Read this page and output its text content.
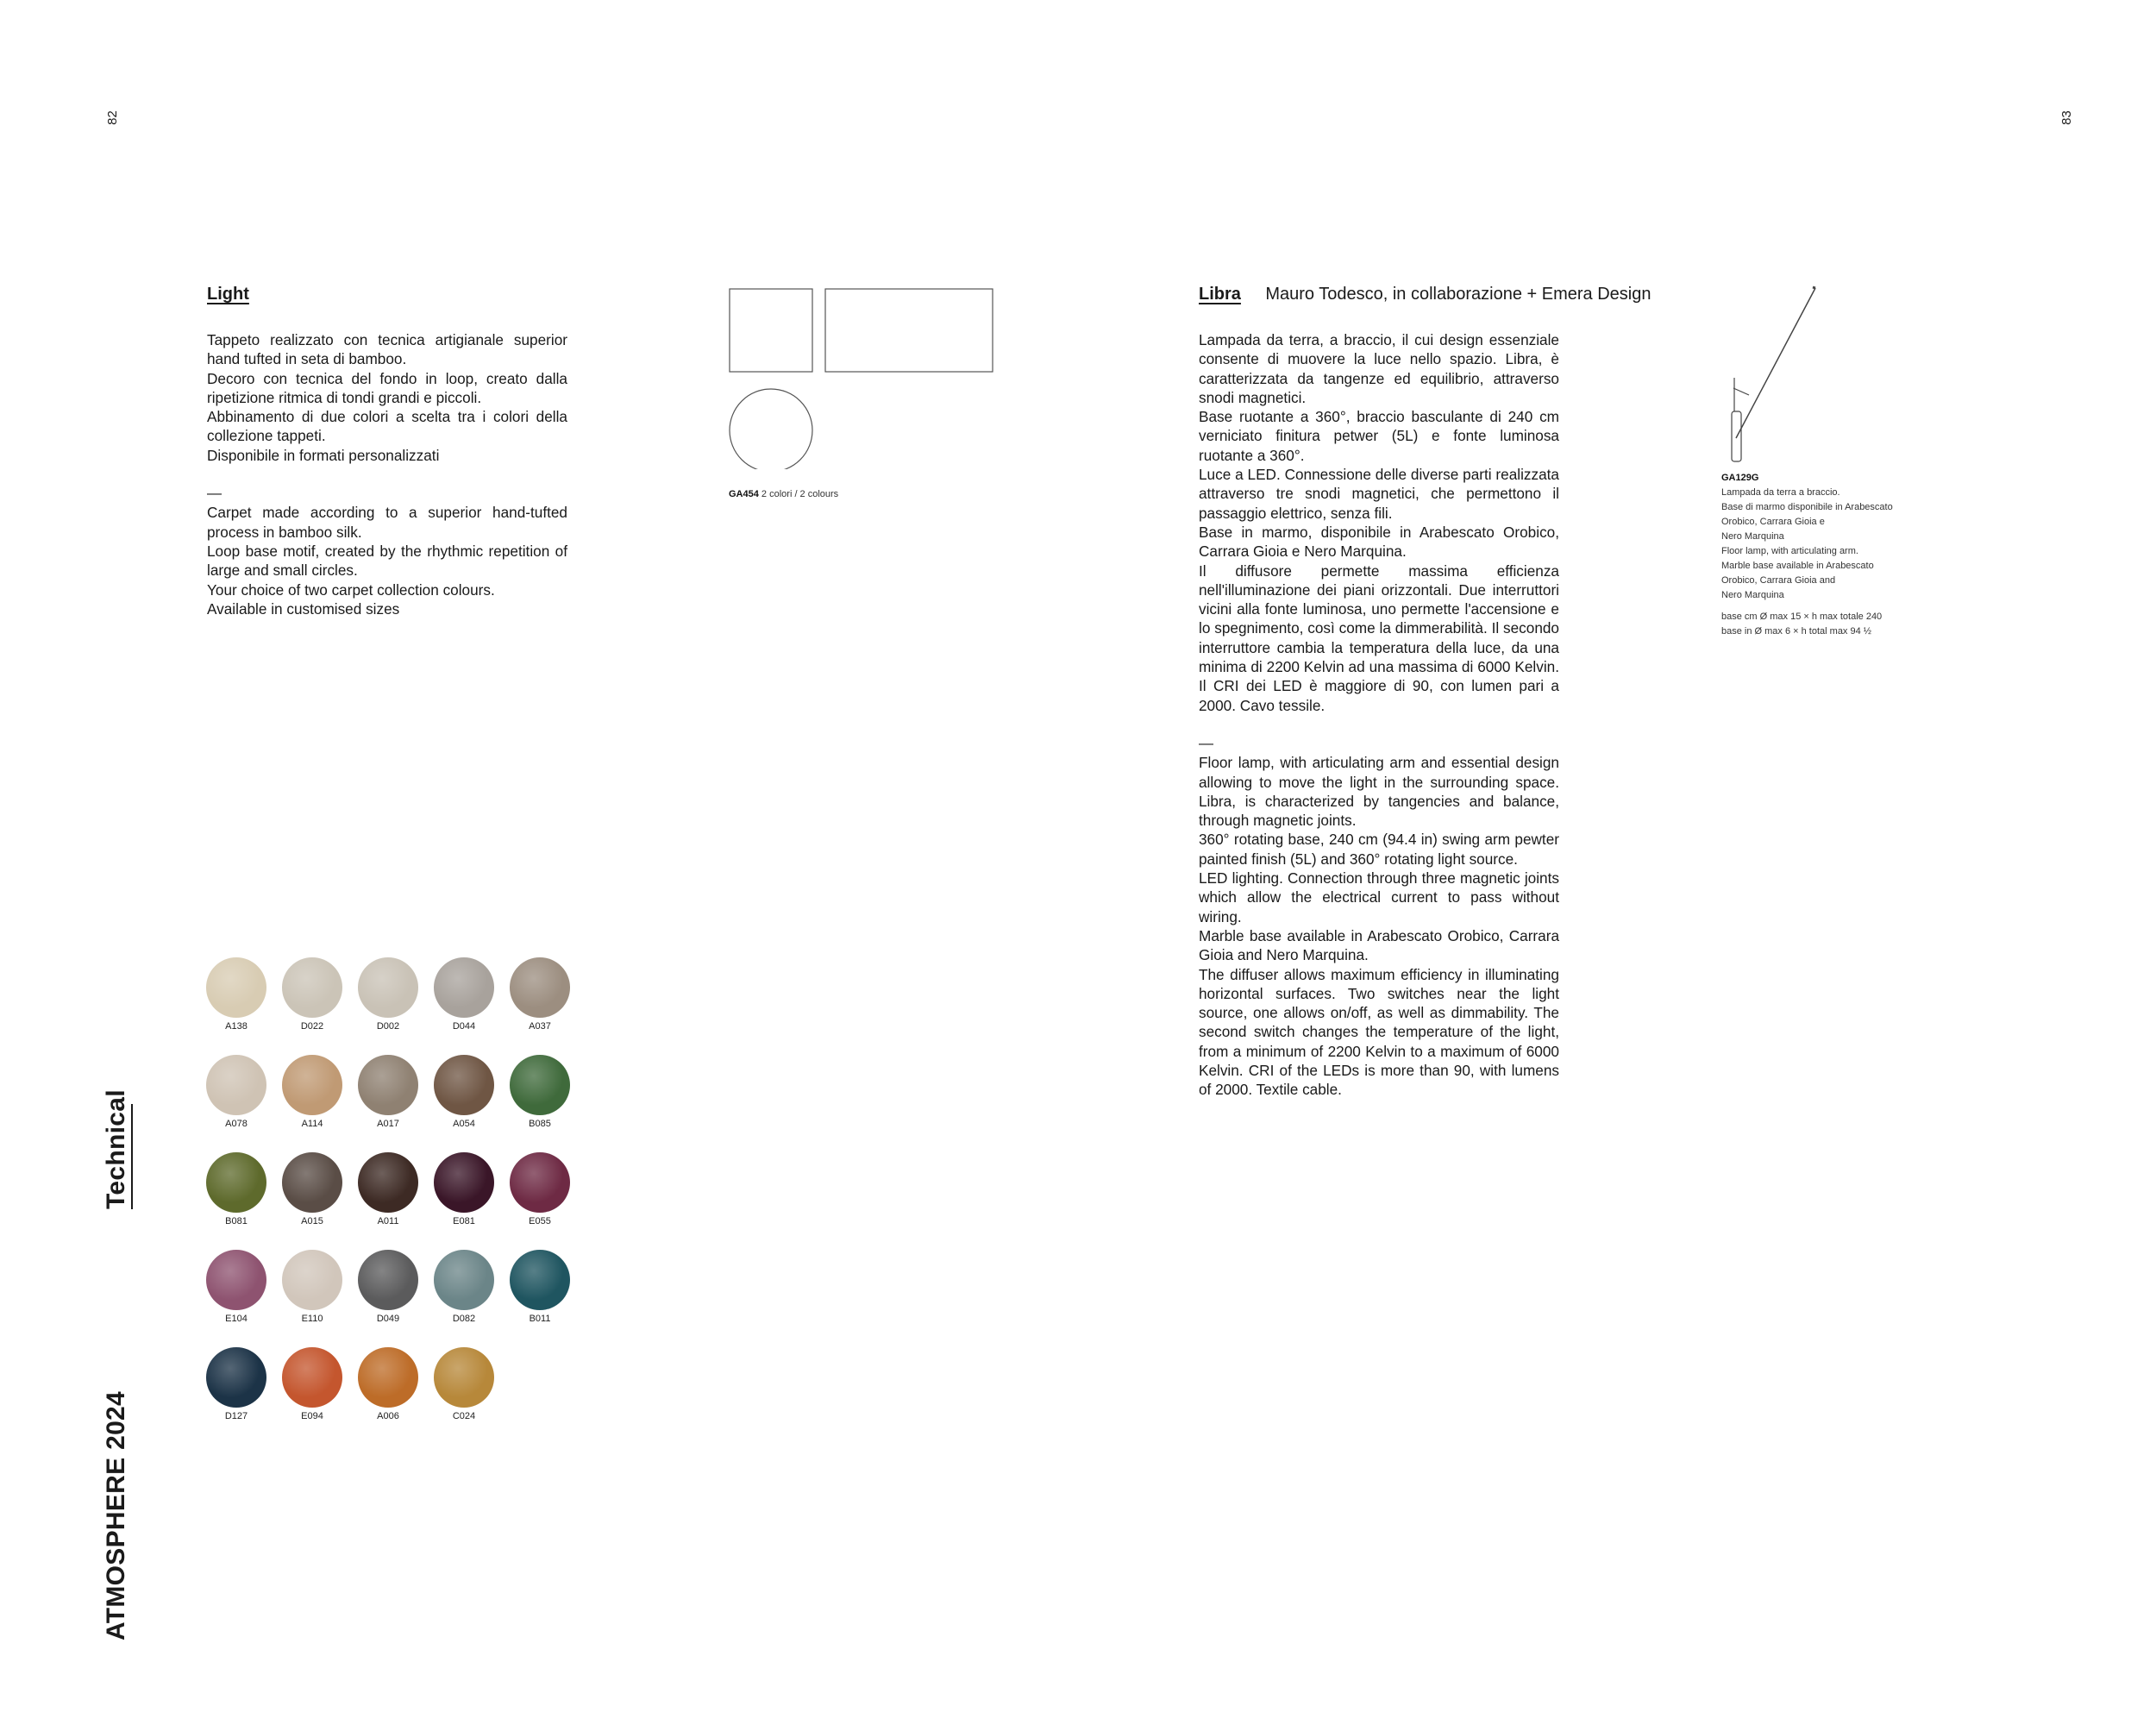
82	83
Technical
ATMOSPHERE 2024
Light

Tappeto realizzato con tecnica artigianale superior hand tufted in seta di bamboo.

Decoro con tecnica del fondo in loop, creato dalla ripetizione ritmica di tondi grandi e piccoli.

Abbinamento di due colori a scelta tra i colori della collezione tappeti.

Disponibile in formati personalizzati

—

Carpet made according to a superior hand-tufted process in bamboo silk.

Loop base motif, created by the rhythmic repetition of large and small circles.

Your choice of two carpet collection colours.

Available in customised sizes

GA454 2 colori / 2 colours
A138	D022	D002	D044	A037
A078	A114	A017	A054	B085
B081	A015	A011	E081	E055
E104	E110	D049	D082	B011
D127	E094	A006	C024
Libra Mauro Todesco, in collaborazione + Emera Design

Lampada da terra, a braccio, il cui design essenziale consente di muovere la luce nello spazio. Libra, è caratterizzata da tangenze ed equilibrio, attraverso snodi magnetici.

Base ruotante a 360°, braccio basculante di 240 cm verniciato finitura petwer (5L) e fonte luminosa ruotante a 360°.

Luce a LED. Connessione delle diverse parti realizzata attraverso tre snodi magnetici, che permettono il passaggio elettrico, senza fili.

Base in marmo, disponibile in Arabescato Orobico, Carrara Gioia e Nero Marquina.

Il diffusore permette massima efficienza nell'illuminazione dei piani orizzontali. Due interruttori vicini alla fonte luminosa, uno permette l'accensione e lo spegnimento, così come la dimmerabilità. Il secondo interruttore cambia la temperatura della luce, da una minima di 2200 Kelvin ad una massima di 6000 Kelvin. Il CRI dei LED è maggiore di 90, con lumen pari a 2000. Cavo tessile.

—

Floor lamp, with articulating arm and essential design allowing to move the light in the surrounding space. Libra, is characterized by tangencies and balance, through magnetic joints.

360° rotating base, 240 cm (94.4 in) swing arm pewter painted finish (5L) and 360° rotating light source.

LED lighting. Connection through three magnetic joints which allow the electrical current to pass without wiring.

Marble base available in Arabescato Orobico, Carrara Gioia and Nero Marquina.

The diffuser allows maximum efficiency in illuminating horizontal surfaces. Two switches near the light source, one allows on/off, as well as dimmability. The second switch changes the temperature of the light, from a minimum of 2200 Kelvin to a maximum of 6000 Kelvin. CRI of the LEDs is more than 90, with lumens of 2000. Textile cable.

GA129G
Lampada da terra a braccio.
Base di marmo disponibile in Arabescato
Orobico, Carrara Gioia e
Nero Marquina
Floor lamp, with articulating arm.
Marble base available in Arabescato
Orobico, Carrara Gioia and
Nero Marquina
base cm Ø max 15 × h max totale 240
base in Ø max 6 × h total max 94 ½
